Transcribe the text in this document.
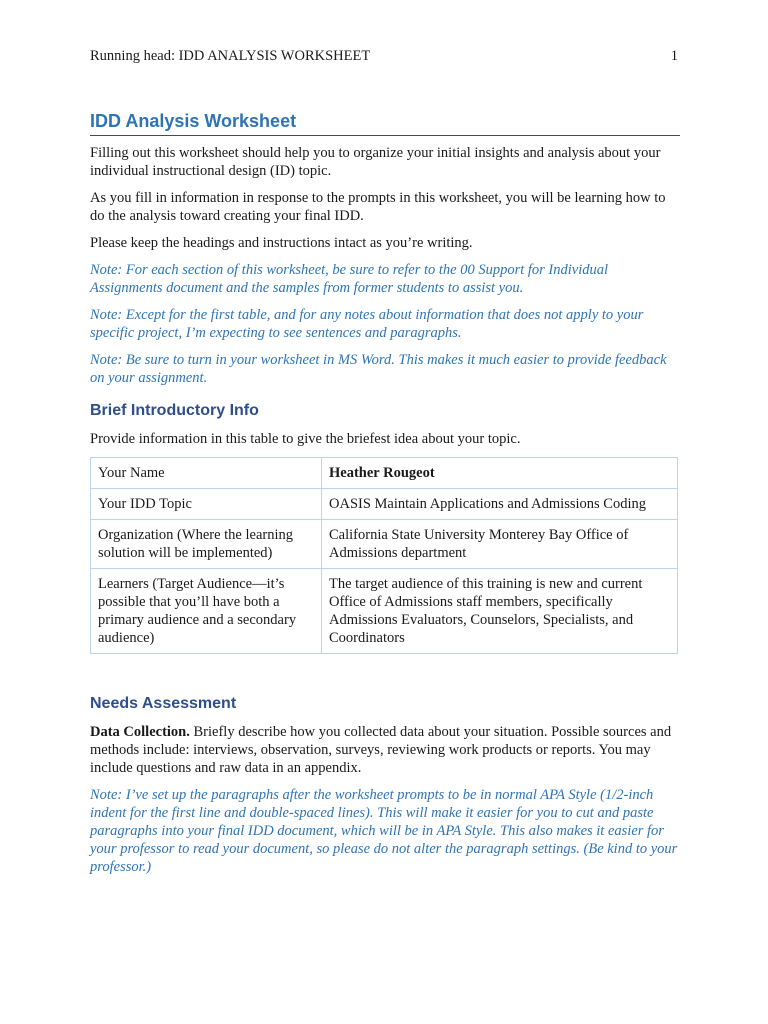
Running head: IDD ANALYSIS WORKSHEET	1
IDD Analysis Worksheet

Filling out this worksheet should help you to organize your initial insights and analysis about your individual instructional design (ID) topic.

As you fill in information in response to the prompts in this worksheet, you will be learning how to do the analysis toward creating your final IDD.

Please keep the headings and instructions intact as you’re writing.

Note: For each section of this worksheet, be sure to refer to the 00 Support for Individual Assignments document and the samples from former students to assist you.

Note: Except for the first table, and for any notes about information that does not apply to your specific project, I’m expecting to see sentences and paragraphs.

Note: Be sure to turn in your worksheet in MS Word. This makes it much easier to provide feedback on your assignment.

Brief Introductory Info

Provide information in this table to give the briefest idea about your topic.

Your Name	Heather Rougeot
Your IDD Topic	OASIS Maintain Applications and Admissions Coding
Organization (Where the learning solution will be implemented)	California State University Monterey Bay Office of Admissions department
Learners (Target Audience—it’s possible that you’ll have both a primary audience and a secondary audience)	The target audience of this training is new and current Office of Admissions staff members, specifically Admissions Evaluators, Counselors, Specialists, and Coordinators
Needs Assessment

Data Collection. Briefly describe how you collected data about your situation. Possible sources and methods include: interviews, observation, surveys, reviewing work products or reports. You may include questions and raw data in an appendix.

Note: I’ve set up the paragraphs after the worksheet prompts to be in normal APA Style (1/2-inch indent for the first line and double-spaced lines). This will make it easier for you to cut and paste paragraphs into your final IDD document, which will be in APA Style. This also makes it easier for your professor to read your document, so please do not alter the paragraph settings. (Be kind to your professor.)
